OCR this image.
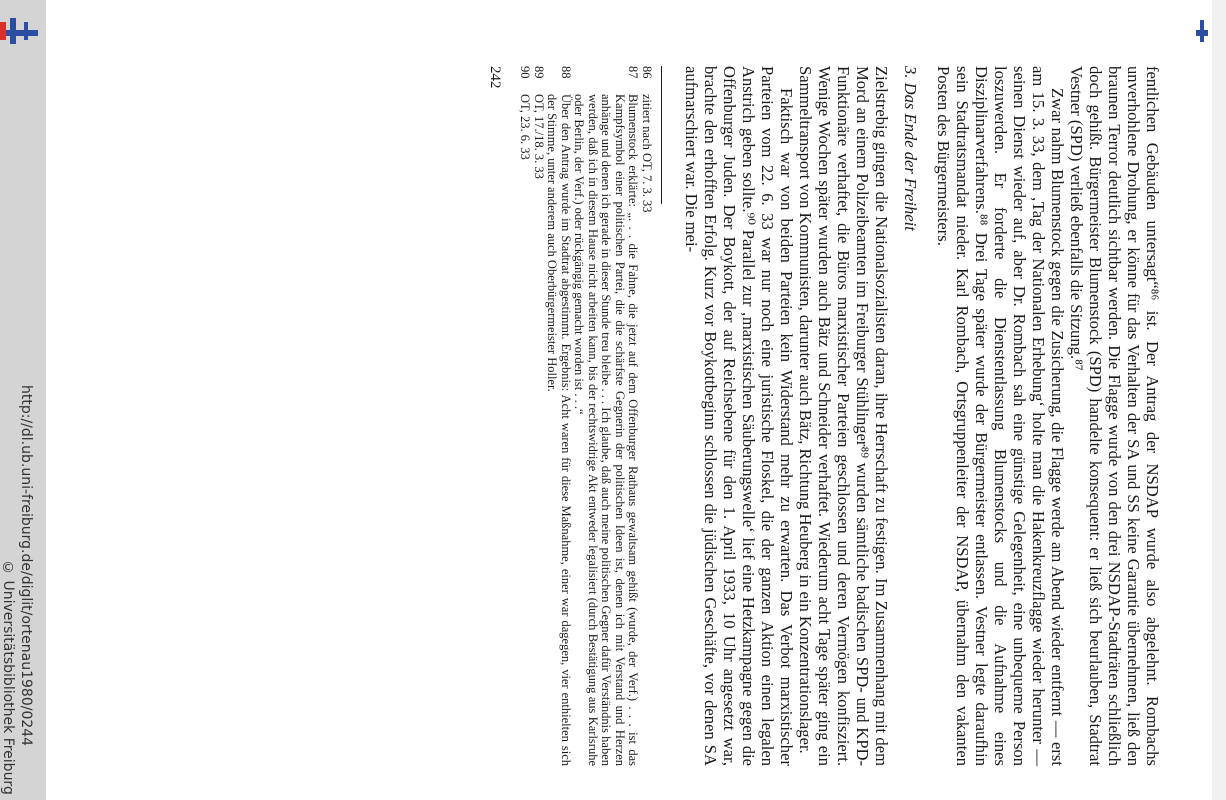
http://dl.ub.uni-freiburg.de/diglit/ortenau1980/0244
© Universitätsbibliothek Freiburg	fentlichen Gebäuden untersagt“⁸⁶ ist. Der Antrag der NSDAP wurde also abgelehnt. Rombachs unverhohlene Drohung, er könne für das Verhalten der SA und SS keine Garantie übernehmen, ließ den braunen Terror deutlich sichtbar werden. Die Flagge wurde von den drei NSDAP-Stadträten schließlich doch gehißt. Bürgermeister Blumenstock (SPD) handelte konsequent: er ließ sich beurlauben, Stadtrat Vestner (SPD) verließ ebenfalls die Sitzung.⁸⁷

Zwar nahm Blumenstock gegen die Zusicherung, die Flagge werde am Abend wieder entfernt — erst am 15. 3. 33, dem ‚Tag der Nationalen Erhebung‘ holte man die Hakenkreuzflagge wieder herunter — seinen Dienst wieder auf, aber Dr. Rombach sah eine günstige Gelegenheit, eine unbequeme Person loszuwerden. Er forderte die Dienstentlassung Blumenstocks und die Aufnahme eines Disziplinarverfahrens.⁸⁸ Drei Tage später wurde der Bürgermeister entlassen. Vestner legte daraufhin sein Stadtratsmandat nieder. Karl Rombach, Ortsgruppenleiter der NSDAP, übernahm den vakanten Posten des Bürgermeisters.

3. Das Ende der Freiheit

Zielstrebig gingen die Nationalsozialisten daran, ihre Herrschaft zu festigen. Im Zusammenhang mit dem Mord an einem Polizeibeamten im Freiburger Stühlinger⁸⁹ wurden sämtliche badischen SPD- und KPD-Funktionäre verhaftet, die Büros marxistischer Parteien geschlossen und deren Vermögen konfisziert. Wenige Wochen später wurden auch Bätz und Schneider verhaftet. Wiederum acht Tage später ging ein Sammeltransport von Kommunisten, darunter auch Bätz, Richtung Heuberg in ein Konzentrationslager.

Faktisch war von beiden Parteien kein Widerstand mehr zu erwarten. Das Verbot marxistischer Parteien vom 22. 6. 33 war nur noch eine juristische Floskel, die der ganzen Aktion einen legalen Anstrich geben sollte.⁹⁰ Parallel zur ‚marxistischen Säuberungswelle‘ lief eine Hetzkampagne gegen die Offenburger Juden. Der Boykott, der auf Reichsebene für den 1. April 1933, 10 Uhr angesetzt war, brachte den erhofften Erfolg. Kurz vor Boykottbeginn schlossen die jüdischen Geschäfte, vor denen SA aufmarschiert war. Die mei-

86
zitiert nach OT, 7. 3. 33
87
Blumenstock erklärte: „. . . die Fahne, die jetzt auf dem Offenburger Rathaus gewaltsam gehißt (wurde, der Verf.) . . . ist das Kampfsymbol einer politischen Partei, die die schärfste Gegnerin der politischen Ideen ist, denen ich mit Verstand und Herzen anhänge und denen ich gerade in dieser Stunde treu bleibe . . . Ich glaube, daß auch meine politischen Gegner dafür Verständnis haben werden, daß ich in diesem Hause nicht arbeiten kann, bis der rechtswidrige Akt entweder legalisiert (durch Bestätigung aus Karlsruhe oder Berlin, der Verf.) oder rückgängig gemacht worden ist . . .“
88
Über den Antrag wurde im Stadtrat abgestimmt. Ergebnis: Acht waren für diese Maßnahme, einer war dagegen, vier enthielten sich der Stimme, unter anderem auch Oberbürgermeister Holler.
89
OT, 17./18. 3. 33
90
OT, 23. 6. 33
242
